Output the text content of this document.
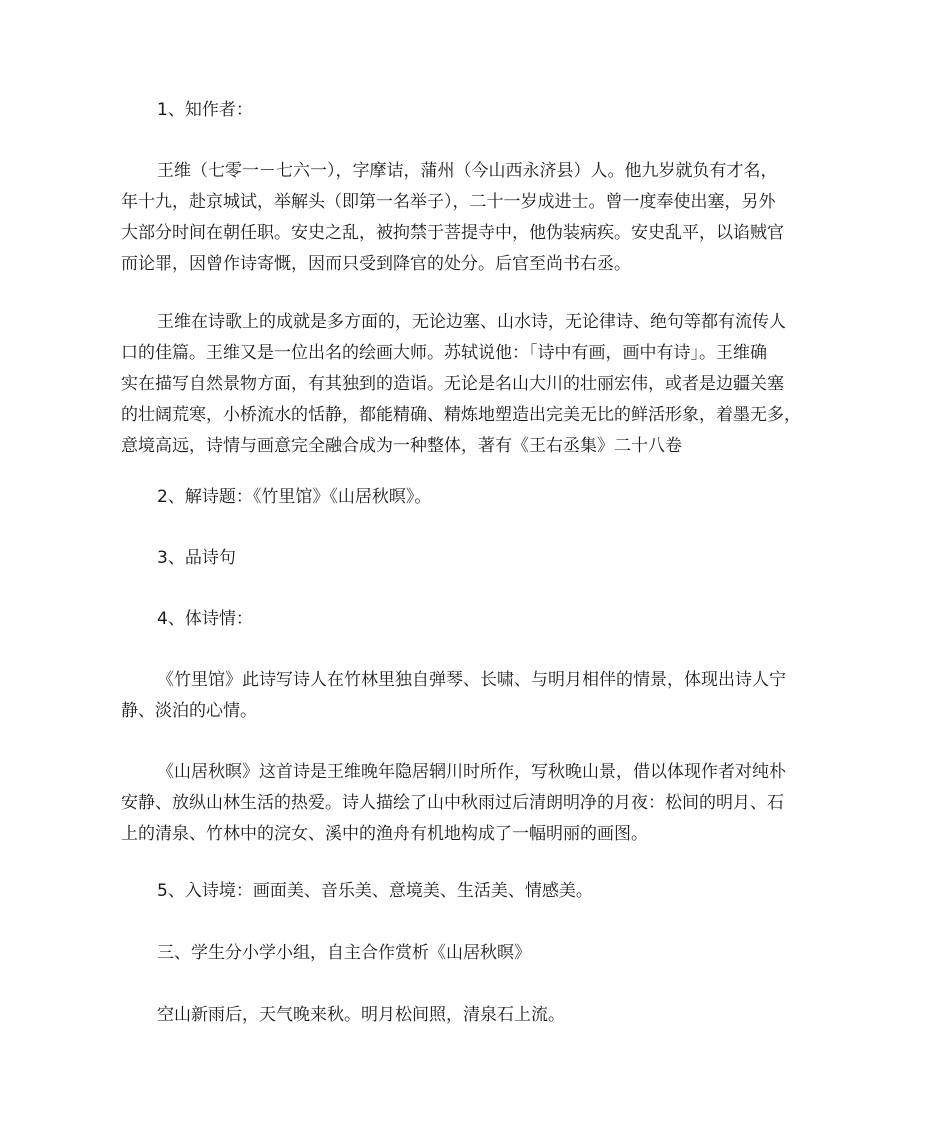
1、知作者：

王维（七零一－七六一），字摩诘，蒲州（今山西永济县）人。他九岁就负有才名，
年十九，赴京城试，举解头（即第一名举子），二十一岁成进士。曾一度奉使出塞，另外
大部分时间在朝任职。安史之乱，被拘禁于菩提寺中，他伪装病疾。安史乱平，以谄贼官
而论罪，因曾作诗寄慨，因而只受到降官的处分。后官至尚书右丞。

王维在诗歌上的成就是多方面的，无论边塞、山水诗，无论律诗、绝句等都有流传人
口的佳篇。王维又是一位出名的绘画大师。苏轼说他：「诗中有画，画中有诗」。王维确
实在描写自然景物方面，有其独到的造诣。无论是名山大川的壮丽宏伟，或者是边疆关塞
的壮阔荒寒，小桥流水的恬静，都能精确、精炼地塑造出完美无比的鲜活形象，着墨无多，
意境高远，诗情与画意完全融合成为一种整体，著有《王右丞集》二十八卷

2、解诗题：《竹里馆》《山居秋暝》。

3、品诗句

4、体诗情：

《竹里馆》此诗写诗人在竹林里独自弹琴、长啸、与明月相伴的情景，体现出诗人宁
静、淡泊的心情。

《山居秋暝》这首诗是王维晚年隐居辋川时所作，写秋晚山景，借以体现作者对纯朴
安静、放纵山林生活的热爱。诗人描绘了山中秋雨过后清朗明净的月夜：松间的明月、石
上的清泉、竹林中的浣女、溪中的渔舟有机地构成了一幅明丽的画图。

5、入诗境：画面美、音乐美、意境美、生活美、情感美。

三、学生分小学小组，自主合作赏析《山居秋暝》

空山新雨后，天气晚来秋。明月松间照，清泉石上流。
